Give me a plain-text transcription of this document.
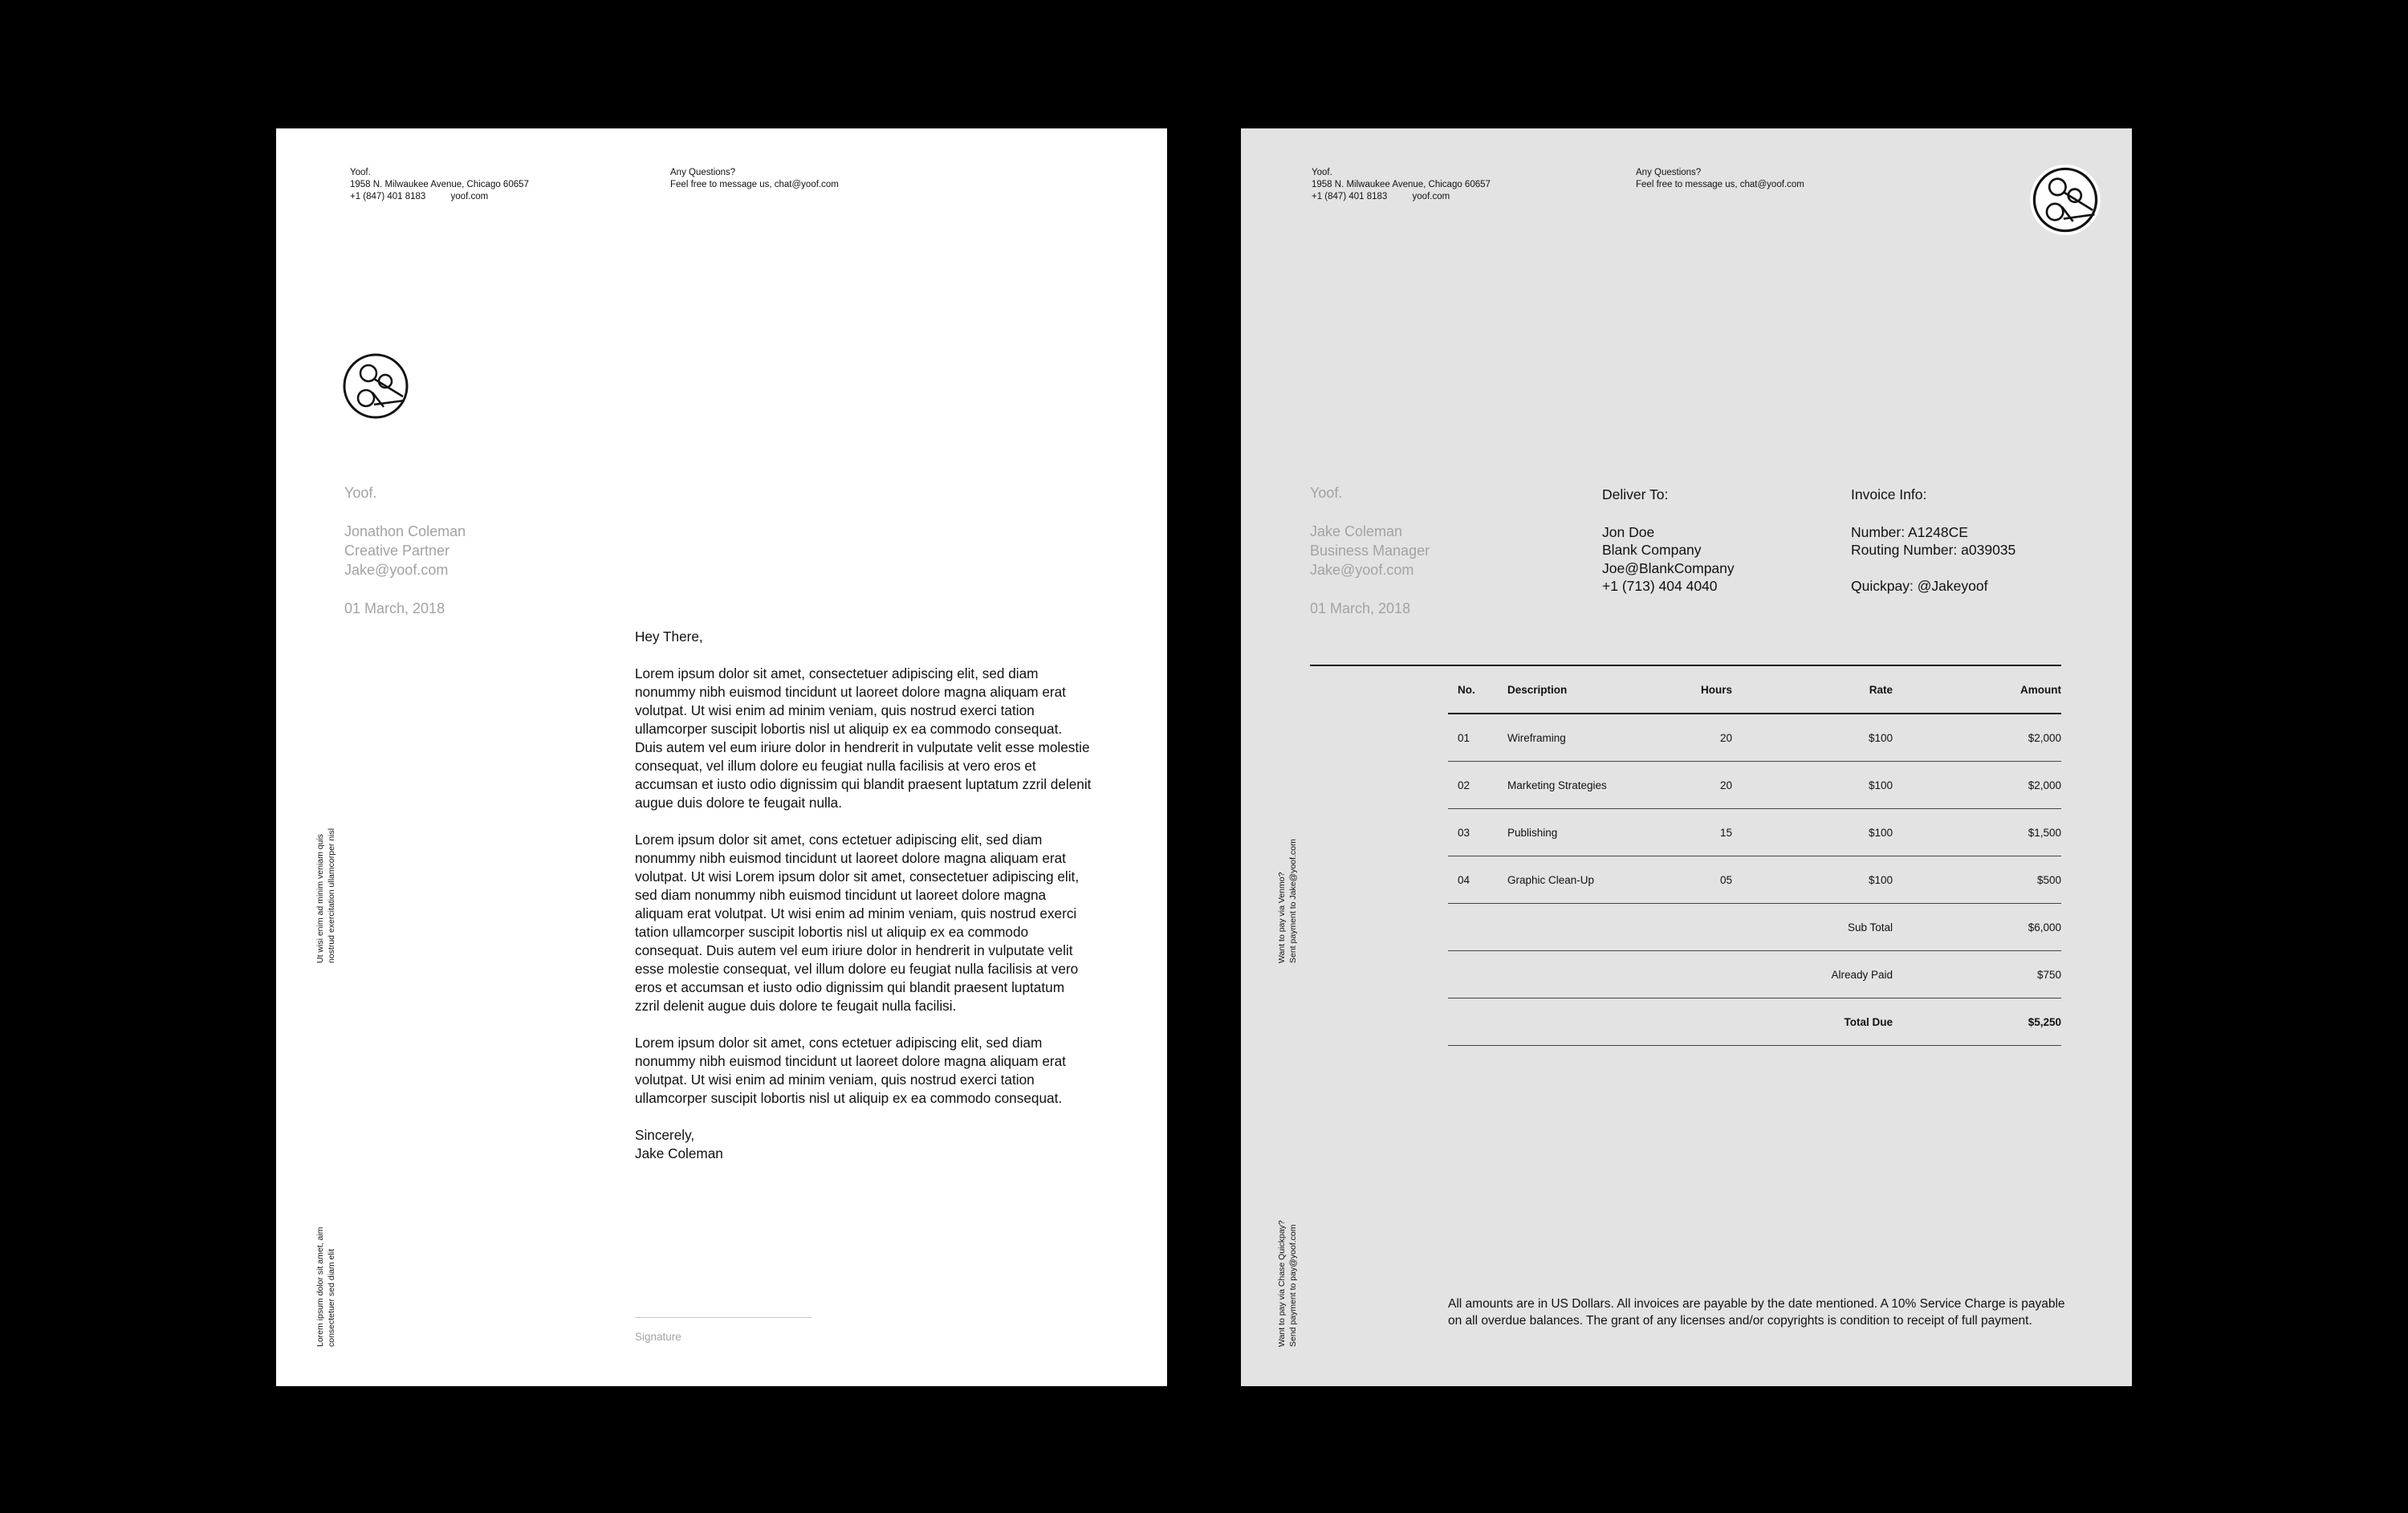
Yoof.
1958 N. Milwaukee Avenue, Chicago 60657
+1 (847) 401 8183	yoof.com
Any Questions?
Feel free to message us, chat@yoof.com
Yoof.
Jonathon Coleman
Creative Partner
Jake@yoof.com
01 March, 2018
Ut wisi enim ad minim veniam quis nostrud exercitation ullamcorper nisl
Lorem ipsum dolor sit amet, aim consectetuer sed diam elit

Hey There,

Lorem ipsum dolor sit amet, consectetuer adipiscing elit, sed diam nonummy nibh euismod tincidunt ut laoreet dolore magna aliquam erat volutpat. Ut wisi enim ad minim veniam, quis nostrud exerci tation ullamcorper suscipit lobortis nisl ut aliquip ex ea commodo consequat. Duis autem vel eum iriure dolor in hendrerit in vulputate velit esse molestie consequat, vel illum dolore eu feugiat nulla facilisis at vero eros et accumsan et iusto odio dignissim qui blandit praesent luptatum zzril delenit augue duis dolore te feugait nulla.

Lorem ipsum dolor sit amet, cons ectetuer adipiscing elit, sed diam nonummy nibh euismod tincidunt ut laoreet dolore magna aliquam erat volutpat. Ut wisi Lorem ipsum dolor sit amet, consectetuer adipiscing elit, sed diam nonummy nibh euismod tincidunt ut laoreet dolore magna aliquam erat volutpat. Ut wisi enim ad minim veniam, quis nostrud exerci tation ullamcorper suscipit lobortis nisl ut aliquip ex ea commodo consequat. Duis autem vel eum iriure dolor in hendrerit in vulputate velit esse molestie consequat, vel illum dolore eu feugiat nulla facilisis at vero eros et accumsan et iusto odio dignissim qui blandit praesent luptatum zzril delenit augue duis dolore te feugait nulla facilisi.

Lorem ipsum dolor sit amet, cons ectetuer adipiscing elit, sed diam nonummy nibh euismod tincidunt ut laoreet dolore magna aliquam erat volutpat. Ut wisi enim ad minim veniam, quis nostrud exerci tation ullamcorper suscipit lobortis nisl ut aliquip ex ea commodo consequat.

Sincerely,
Jake Coleman
Signature
Yoof.
1958 N. Milwaukee Avenue, Chicago 60657
+1 (847) 401 8183	yoof.com
Any Questions?
Feel free to message us, chat@yoof.com
Yoof.
Jake Coleman
Business Manager
Jake@yoof.com
01 March, 2018
Deliver To:
Jon Doe
Blank Company
Joe@BlankCompany
+1 (713) 404 4040
Invoice Info:
Number: A1248CE
Routing Number: a039035
Quickpay: @Jakeyoof
Want to pay via Venmo? Sent payment to Jake@yoof.com
Want to pay via Chase Quickpay? Send payment to pay@yoof.com
No.	Description	Hours	Rate	Amount
01	Wireframing	20	$100	$2,000
02	Marketing Strategies	20	$100	$2,000
03	Publishing	15	$100	$1,500
04	Graphic Clean-Up	05	$100	$500
Sub Total				$6,000
Already Paid				$750
Total Due				$5,250
All amounts are in US Dollars. All invoices are payable by the date mentioned. A 10% Service Charge is payable on all overdue balances. The grant of any licenses and/or copyrights is condition to receipt of full payment.
